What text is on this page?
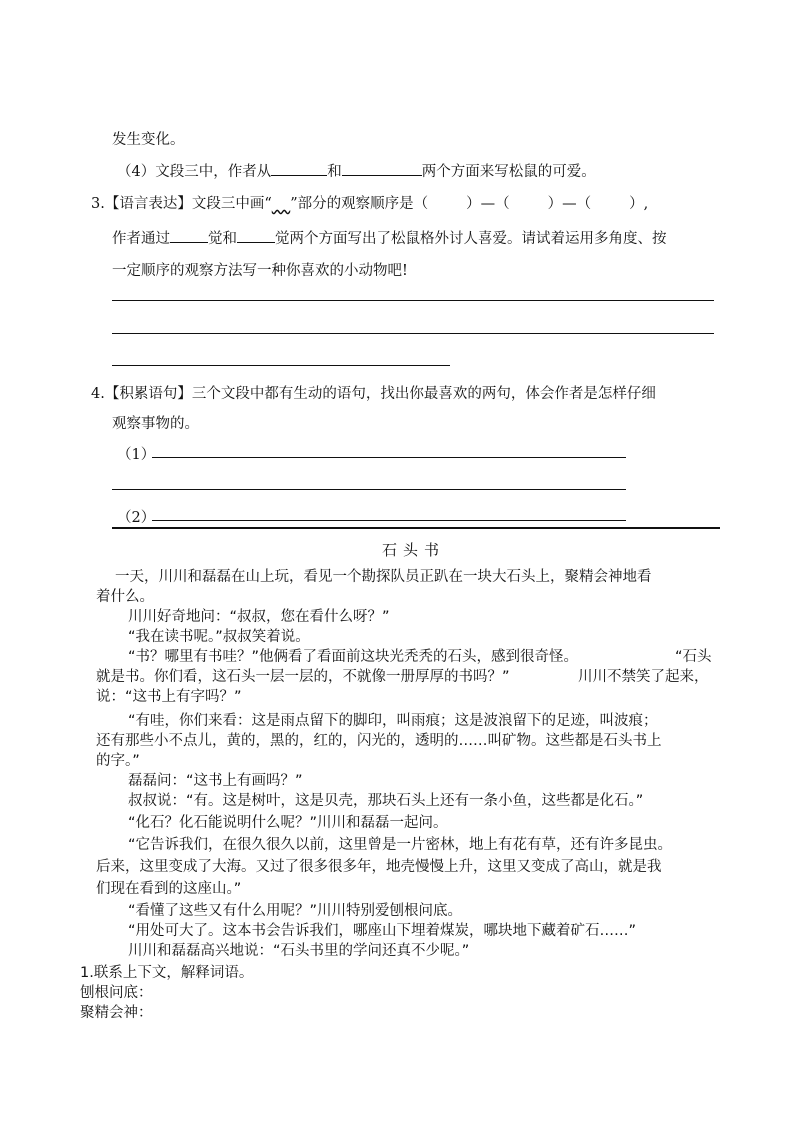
发生变化。
（4）文段三中，作者从	和	两个方面来写松鼠的可爱。
3.【语言表达】文段三中画“ ”部分的观察顺序是（	）—（	）—（	）,
作者通过	觉和	觉两个方面写出了松鼠格外讨人喜爱。请试着运用多角度、按
一定顺序的观察方法写一种你喜欢的小动物吧!
4.【积累语句】三个文段中都有生动的语句，找出你最喜欢的两句，体会作者是怎样仔细
观察事物的。
（1）
（2）
石头书
一天，川川和磊磊在山上玩，看见一个勘探队员正趴在一块大石头上，聚精会神地看
着什么。
川川好奇地问：“叔叔，您在看什么呀？”
“我在读书呢。”叔叔笑着说。
“书？哪里有书哇？”他俩看了看面前这块光秃秃的石头，感到很奇怪。	“石头
就是书。你们看，这石头一层一层的，不就像一册厚厚的书吗？”	川川不禁笑了起来，
说：“这书上有字吗？”
“有哇，你们来看：这是雨点留下的脚印，叫雨痕；这是波浪留下的足迹，叫波痕；
还有那些小不点儿，黄的，黑的，红的，闪光的，透明的……叫矿物。这些都是石头书上
的字。”
磊磊问：“这书上有画吗？”
叔叔说：“有。这是树叶，这是贝壳，那块石头上还有一条小鱼，这些都是化石。”
“化石？化石能说明什么呢？”川川和磊磊一起问。
“它告诉我们，在很久很久以前，这里曾是一片密林，地上有花有草，还有许多昆虫。
后来，这里变成了大海。又过了很多很多年，地壳慢慢上升，这里又变成了高山，就是我
们现在看到的这座山。”
“看懂了这些又有什么用呢？”川川特别爱刨根问底。
“用处可大了。这本书会告诉我们，哪座山下埋着煤炭，哪块地下藏着矿石……”
川川和磊磊高兴地说：“石头书里的学问还真不少呢。”
1.联系上下文，解释词语。
刨根问底：
聚精会神：
